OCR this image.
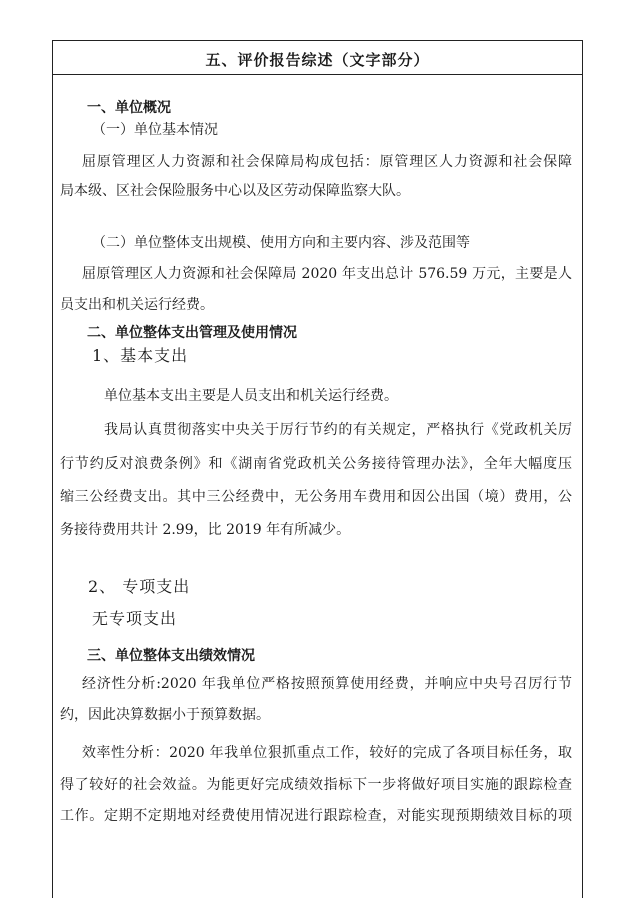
五、评价报告综述（文字部分）
一、单位概况
（一）单位基本情况
屈原管理区人力资源和社会保障局构成包括：原管理区人力资源和社会保障
局本级、区社会保险服务中心以及区劳动保障监察大队。
（二）单位整体支出规模、使用方向和主要内容、涉及范围等
屈原管理区人力资源和社会保障局 2020 年支出总计 576.59 万元，主要是人
员支出和机关运行经费。
二、单位整体支出管理及使用情况
1、基本支出
单位基本支出主要是人员支出和机关运行经费。
我局认真贯彻落实中央关于厉行节约的有关规定，严格执行《党政机关厉
行节约反对浪费条例》和《湖南省党政机关公务接待管理办法》，全年大幅度压
缩三公经费支出。其中三公经费中，无公务用车费用和因公出国（境）费用，公
务接待费用共计 2.99，比 2019 年有所减少。
2、 专项支出
无专项支出
三、单位整体支出绩效情况
经济性分析:2020 年我单位严格按照预算使用经费，并响应中央号召厉行节
约，因此决算数据小于预算数据。
效率性分析：2020 年我单位狠抓重点工作，较好的完成了各项目标任务，取
得了较好的社会效益。为能更好完成绩效指标下一步将做好项目实施的跟踪检查
工作。定期不定期地对经费使用情况进行跟踪检查，对能实现预期绩效目标的项
